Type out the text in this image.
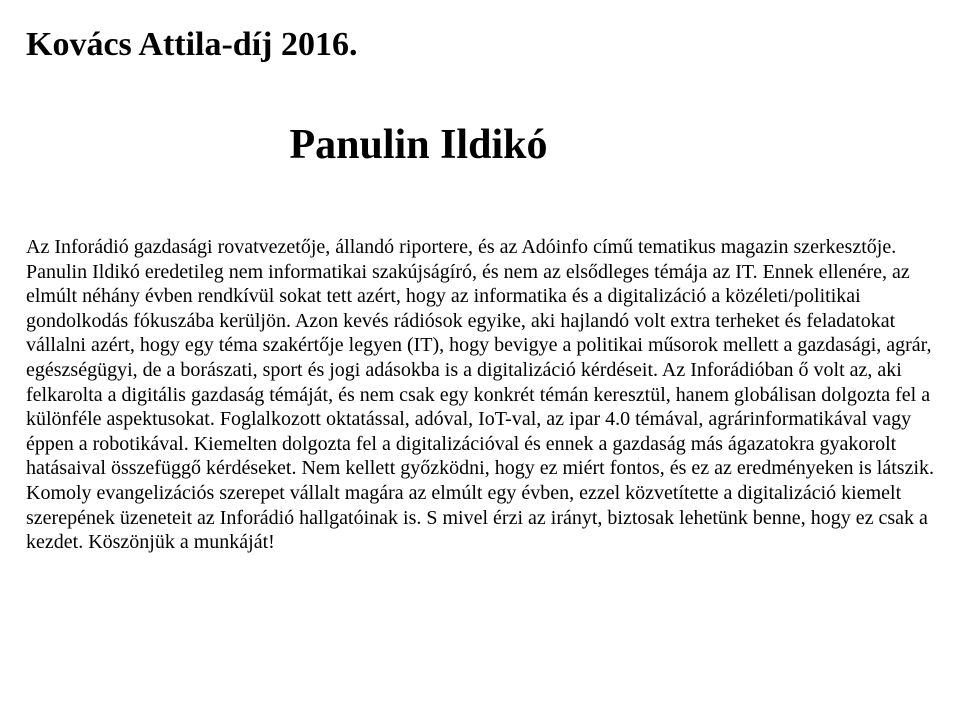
Kovács Attila-díj 2016.
Panulin Ildikó

Az Inforádió gazdasági rovatvezetője, állandó riportere, és az Adóinfo című tematikus magazin szerkesztője. Panulin Ildikó eredetileg nem informatikai szakújságíró, és nem az elsődleges témája az IT. Ennek ellenére, az elmúlt néhány évben rendkívül sokat tett azért, hogy az informatika és a digitalizáció a közéleti/politikai gondolkodás fókuszába kerüljön. Azon kevés rádiósok egyike, aki hajlandó volt extra terheket és feladatokat vállalni azért, hogy egy téma szakértője legyen (IT), hogy bevigye a politikai műsorok mellett a gazdasági, agrár, egészségügyi, de a borászati, sport és jogi adásokba is a digitalizáció kérdéseit. Az Inforádióban ő volt az, aki felkarolta a digitális gazdaság témáját, és nem csak egy konkrét témán keresztül, hanem globálisan dolgozta fel a különféle aspektusokat. Foglalkozott oktatással, adóval, IoT-val, az ipar 4.0 témával, agrárinformatikával vagy éppen a robotikával. Kiemelten dolgozta fel a digitalizációval és ennek a gazdaság más ágazatokra gyakorolt hatásaival összefüggő kérdéseket. Nem kellett győzködni, hogy ez miért fontos, és ez az eredményeken is látszik. Komoly evangelizációs szerepet vállalt magára az elmúlt egy évben, ezzel közvetítette a digitalizáció kiemelt szerepének üzeneteit az Inforádió hallgatóinak is. S mivel érzi az irányt, biztosak lehetünk benne, hogy ez csak a kezdet. Köszönjük a munkáját!
